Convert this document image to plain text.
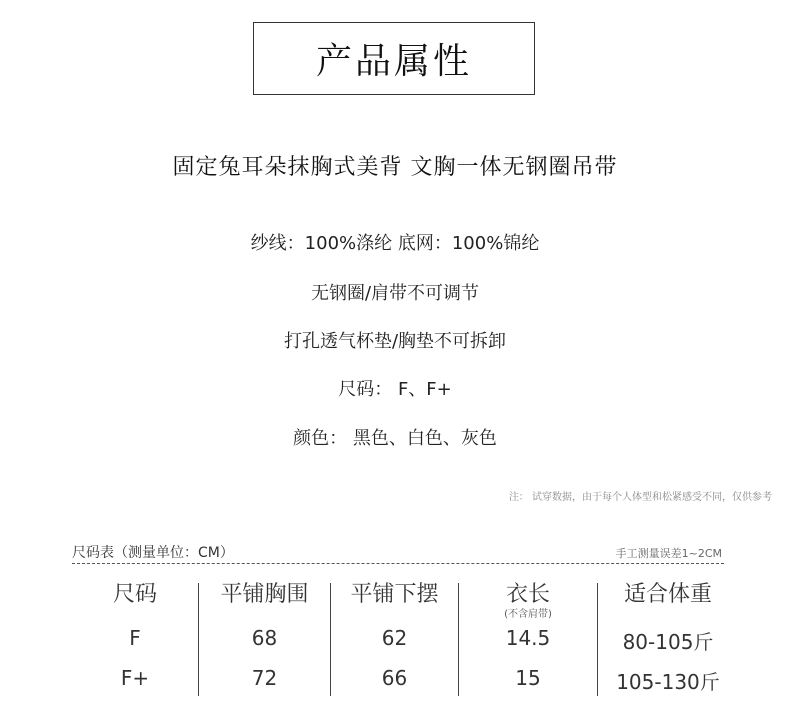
产品属性
固定兔耳朵抹胸式美背 文胸一体无钢圈吊带
纱线：100%涤纶 底网：100%锦纶
无钢圈/肩带不可调节
打孔透气杯垫/胸垫不可拆卸
尺码： F、F+
颜色： 黑色、白色、灰色
注： 试穿数据，由于每个人体型和松紧感受不同，仅供参考
尺码表（测量单位：CM）	手工测量误差1~2CM
尺码
F
F+
平铺胸围
68
72
平铺下摆
62
66
衣长
(不含肩带)
14.5
15
适合体重
80-105斤
105-130斤
